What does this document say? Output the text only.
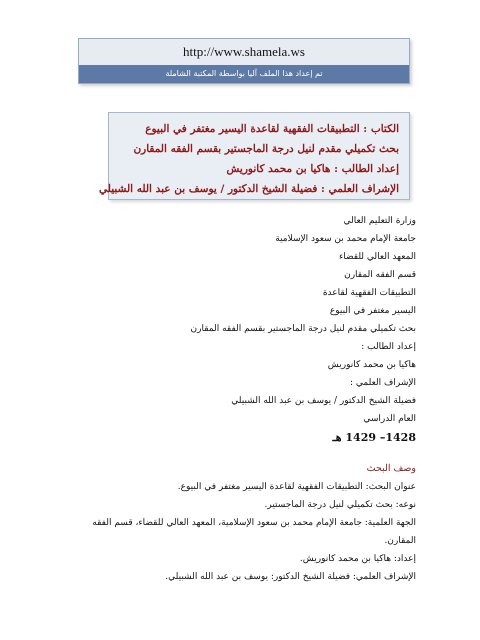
http://www.shamela.ws
تم إعداد هذا الملف آليا بواسطة المكتبة الشاملة
الكتاب : التطبيقات الفقهية لقاعدة اليسير مغتفر في البيوع
بحث تكميلي مقدم لنيل درجة الماجستير بقسم الفقه المقارن
إعداد الطالب : هاكيا بن محمد كانوريش
الإشراف العلمي : فضيلة الشيخ الدكتور / يوسف بن عبد الله الشبيلي
وزارة التعليم العالي
جامعة الإمام محمد بن سعود الإسلامية
المعهد العالي للقضاء
قسم الفقه المقارن
التطبيقات الفقهية لقاعدة
اليسير مغتفر في البيوع
بحث تكميلي مقدم لنيل درجة الماجستير بقسم الفقه المقارن
إعداد الطالب :
هاكيا بن محمد كانوريش
الإشراف العلمي :
فضيلة الشيخ الدكتور / يوسف بن عبد الله الشبيلي
العام الدراسي
1428– 1429 هـ
وصف البحث
عنوان البحث: التطبيقات الفقهية لقاعدة اليسير مغتفر في البيوع.
نوعه: بحث تكميلي لنيل درجة الماجستير.
الجهة العلمية: جامعة الإمام محمد بن سعود الإسلامية، المعهد العالي للقضاء، قسم الفقه المقارن.
إعداد: هاكيا بن محمد كانوريش.
الإشراف العلمي: فضيلة الشيخ الدكتور: يوسف بن عبد الله الشبيلي.
